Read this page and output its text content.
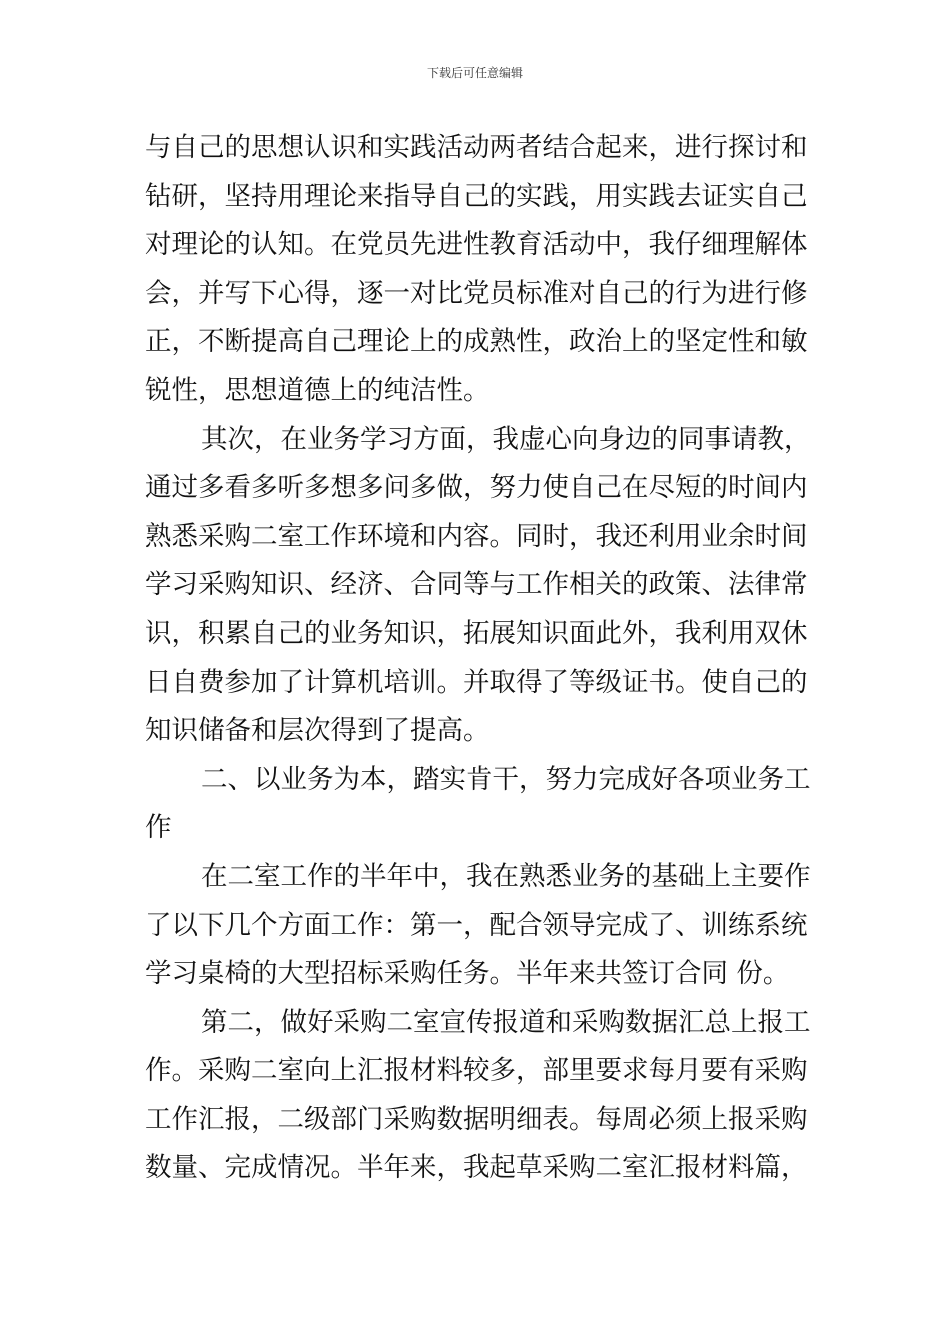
下载后可任意编辑
与自己的思想认识和实践活动两者结合起来，进行探讨和
钻研，坚持用理论来指导自己的实践，用实践去证实自己
对理论的认知。在党员先进性教育活动中，我仔细理解体
会，并写下心得，逐一对比党员标准对自己的行为进行修
正，不断提高自己理论上的成熟性，政治上的坚定性和敏
锐性，思想道德上的纯洁性。
其次，在业务学习方面，我虚心向身边的同事请教，
通过多看多听多想多问多做，努力使自己在尽短的时间内
熟悉采购二室工作环境和内容。同时，我还利用业余时间
学习采购知识、经济、合同等与工作相关的政策、法律常
识，积累自己的业务知识，拓展知识面此外，我利用双休
日自费参加了计算机培训。并取得了等级证书。使自己的
知识储备和层次得到了提高。
二、以业务为本，踏实肯干，努力完成好各项业务工
作
在二室工作的半年中，我在熟悉业务的基础上主要作
了以下几个方面工作：第一，配合领导完成了、训练系统
学习桌椅的大型招标采购任务。半年来共签订合同 份。
第二，做好采购二室宣传报道和采购数据汇总上报工
作。采购二室向上汇报材料较多，部里要求每月要有采购
工作汇报，二级部门采购数据明细表。每周必须上报采购
数量、完成情况。半年来，我起草采购二室汇报材料篇，
